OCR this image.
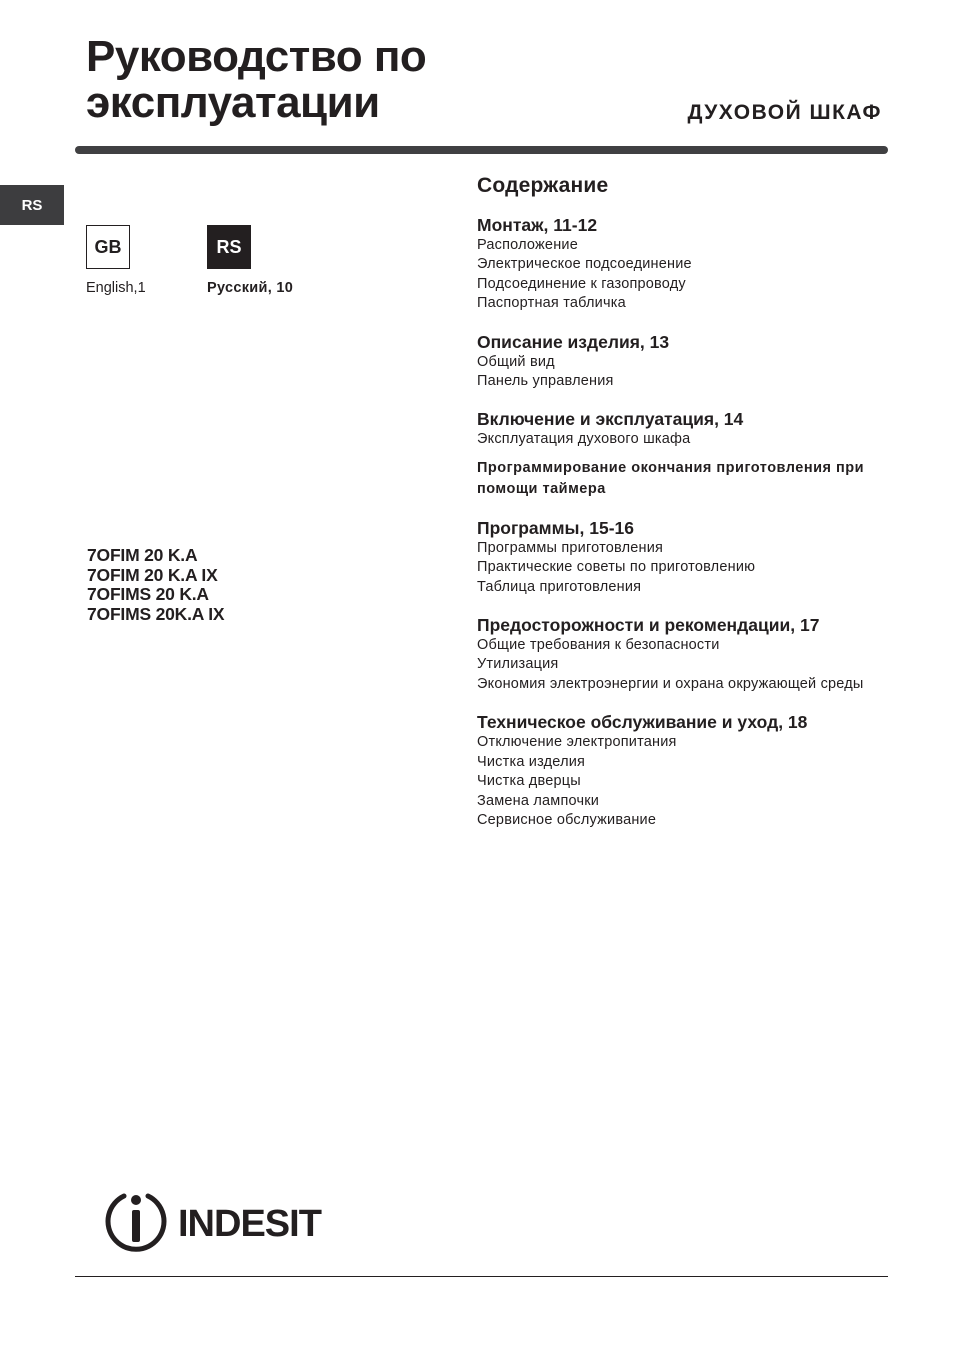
Руководство по
эксплуатации	ДУХОВОЙ ШКАФ
RS
GB	RS
English,1	Русский, 10
7OFIM 20 K.A
7OFIM 20 K.A IX
7OFIMS 20 K.A
7OFIMS 20K.A IX
Содержание
Монтаж, 11-12
Расположение
Электрическое подсоединение
Подсоединение к газопроводу
Паспортная табличка
Описание изделия, 13
Общий вид
Панель управления
Включение и эксплуатация, 14
Эксплуатация духового шкафа
Программирование окончания приготовления при помощи таймера
Программы, 15-16
Программы приготовления
Практические советы по приготовлению
Таблица приготовления
Предосторожности и рекомендации, 17
Общие требования к безопасности
Утилизация
Экономия электроэнергии и охрана окружающей среды
Техническое обслуживание и уход, 18
Отключение электропитания
Чистка изделия
Чистка дверцы
Замена лампочки
Сервисное обслуживание
INDESIT
